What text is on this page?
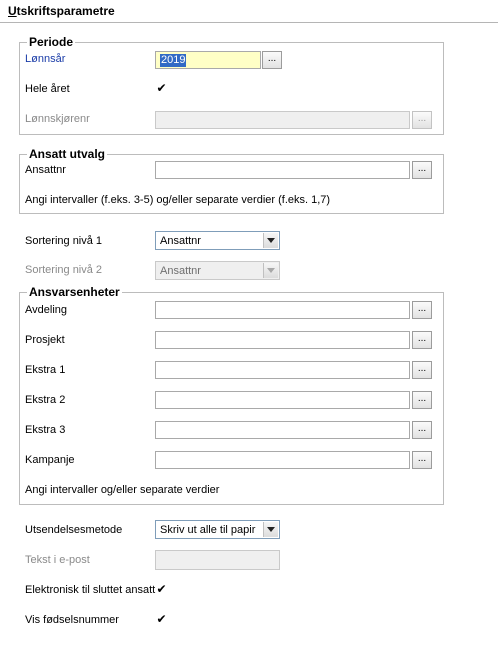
Utskriftsparametre
Periode
Lønnsår	2019	...
Hele året	✔
Lønnskjørenr	...
Ansatt utvalg
Ansattnr	...
Angi intervaller (f.eks. 3-5) og/eller separate verdier (f.eks. 1,7)
Sortering nivå 1	Ansattnr
Sortering nivå 2	Ansattnr
Ansvarsenheter
Avdeling	...
Prosjekt	...
Ekstra 1	...
Ekstra 2	...
Ekstra 3	...
Kampanje	...
Angi intervaller og/eller separate verdier
Utsendelsesmetode	Skriv ut alle til papir
Tekst i e-post
Elektronisk til sluttet ansatt ✔
Vis fødselsnummer	✔
